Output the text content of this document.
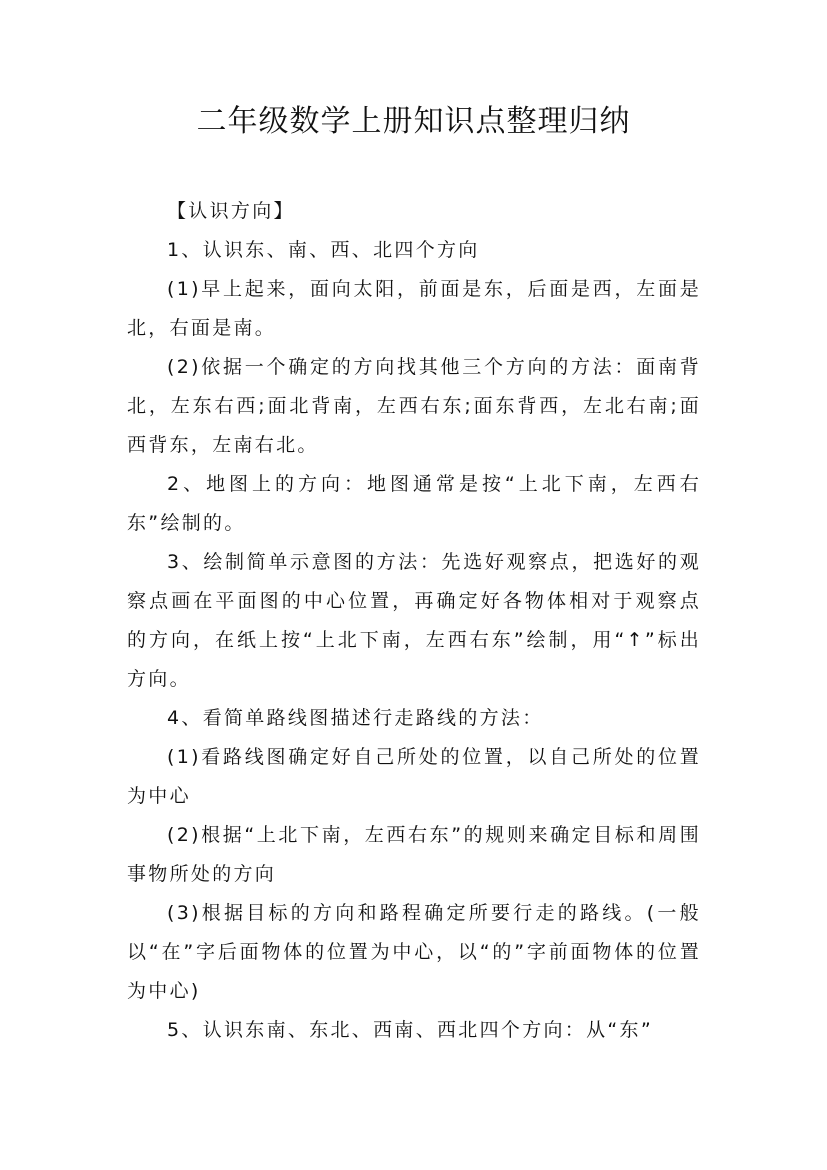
二年级数学上册知识点整理归纳

【认识方向】

1、认识东、南、西、北四个方向

(1)早上起来，面向太阳，前面是东，后面是西，左面是北，右面是南。

(2)依据一个确定的方向找其他三个方向的方法：面南背北，左东右西;面北背南，左西右东;面东背西，左北右南;面西背东，左南右北。

2、地图上的方向：地图通常是按“上北下南，左西右东”绘制的。

3、绘制简单示意图的方法：先选好观察点，把选好的观察点画在平面图的中心位置，再确定好各物体相对于观察点的方向，在纸上按“上北下南，左西右东”绘制，用“↑”标出方向。

4、看简单路线图描述行走路线的方法：

(1)看路线图确定好自己所处的位置，以自己所处的位置为中心

(2)根据“上北下南，左西右东”的规则来确定目标和周围事物所处的方向

(3)根据目标的方向和路程确定所要行走的路线。(一般以“在”字后面物体的位置为中心，以“的”字前面物体的位置为中心)

5、认识东南、东北、西南、西北四个方向：从“东”
